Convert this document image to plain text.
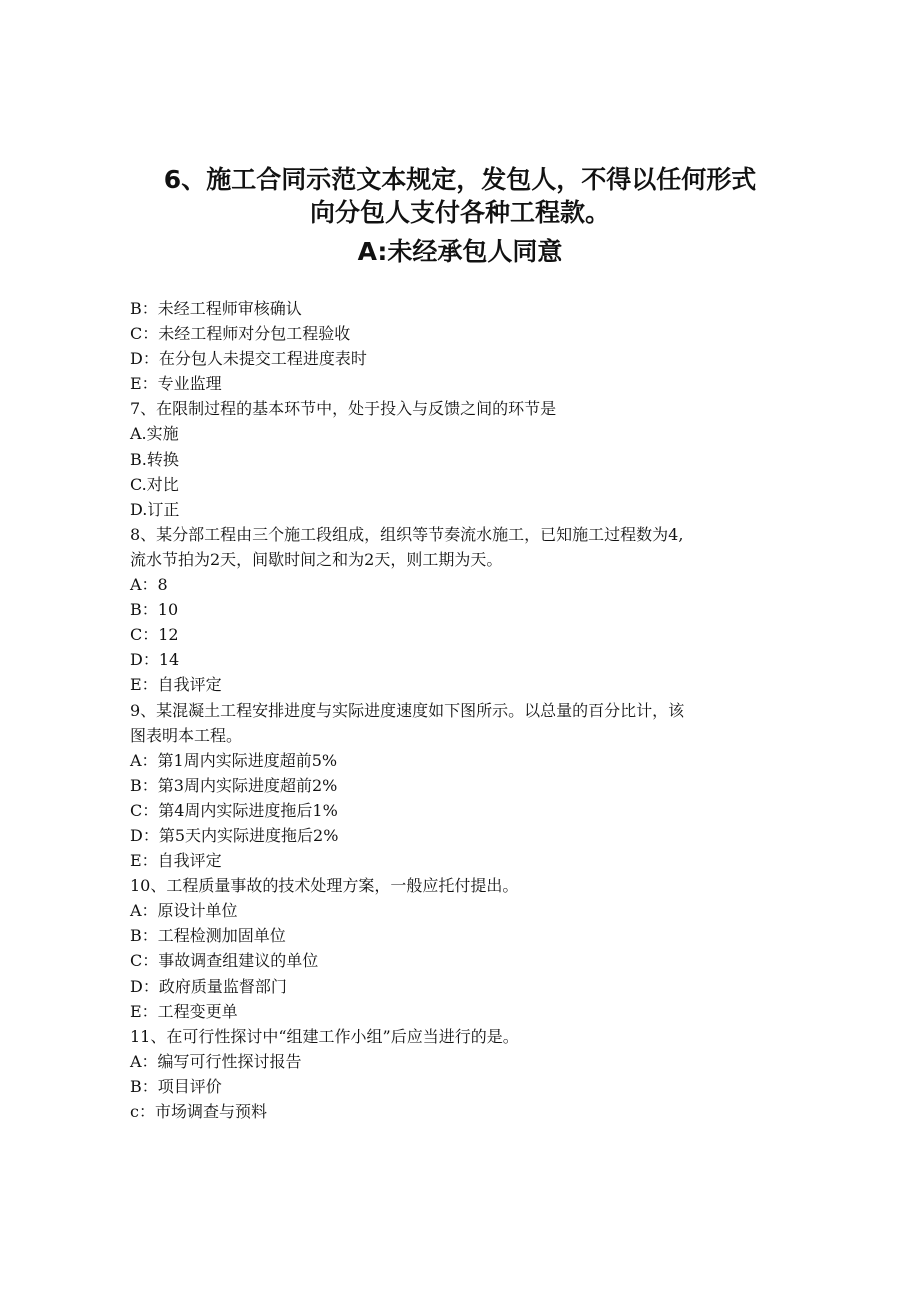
6、施工合同示范文本规定，发包人，不得以任何形式
向分包人支付各种工程款。
A:未经承包人同意
B：未经工程师审核确认
C：未经工程师对分包工程验收
D：在分包人未提交工程进度表时
E：专业监理
7、在限制过程的基本环节中，处于投入与反馈之间的环节是
A.实施
B.转换
C.对比
D.订正
8、某分部工程由三个施工段组成，组织等节奏流水施工，已知施工过程数为4,
流水节拍为2天，间歇时间之和为2天，则工期为天。
A：8
B：10
C：12
D：14
E：自我评定
9、某混凝土工程安排进度与实际进度速度如下图所示。以总量的百分比计，该
图表明本工程。
A：第1周内实际进度超前5%
B：第3周内实际进度超前2%
C：第4周内实际进度拖后1%
D：第5天内实际进度拖后2%
E：自我评定
10、工程质量事故的技术处理方案，一般应托付提出。
A：原设计单位
B：工程检测加固单位
C：事故调查组建议的单位
D：政府质量监督部门
E：工程变更单
11、在可行性探讨中“组建工作小组”后应当进行的是。
A：编写可行性探讨报告
B：项目评价
c：市场调查与预料
